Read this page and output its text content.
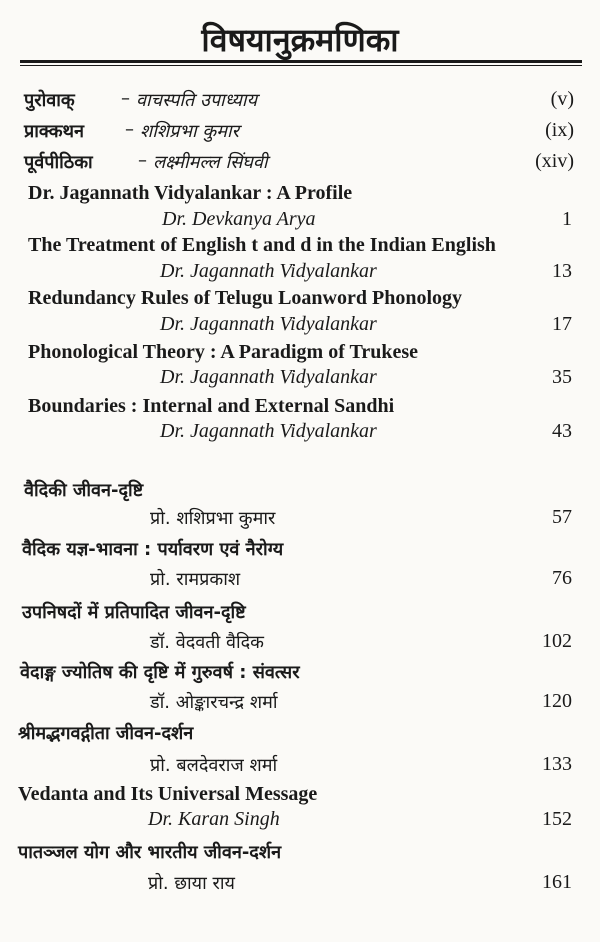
विषयानुक्रमणिका
पुरोवाक्	– वाचस्पति उपाध्याय	(v)
प्राक्कथन – शशिप्रभा कुमार	(ix)
पूर्वपीठिका	– लक्ष्मीमल्ल सिंघवी	(xiv)
Dr. Jagannath Vidyalankar : A Profile
Dr. Devkanya Arya	1
The Treatment of English t and d in the Indian English
Dr. Jagannath Vidyalankar	13
Redundancy Rules of Telugu Loanword Phonology
Dr. Jagannath Vidyalankar	17
Phonological Theory : A Paradigm of Trukese
Dr. Jagannath Vidyalankar	35
Boundaries : Internal and External Sandhi
Dr. Jagannath Vidyalankar	43
वैदिकी जीवन-दृष्टि
प्रो. शशिप्रभा कुमार	57
वैदिक यज्ञ-भावना : पर्यावरण एवं नैरोग्य
प्रो. रामप्रकाश	76
उपनिषदों में प्रतिपादित जीवन-दृष्टि
डॉ. वेदवती वैदिक	102
वेदाङ्ग ज्योतिष की दृष्टि में गुरुवर्ष : संवत्सर
डॉ. ओङ्कारचन्द्र शर्मा	120
श्रीमद्भगवद्गीता जीवन-दर्शन
प्रो. बलदेवराज शर्मा	133
Vedanta and Its Universal Message
Dr. Karan Singh	152
पातञ्जल योग और भारतीय जीवन-दर्शन
प्रो. छाया राय	161
